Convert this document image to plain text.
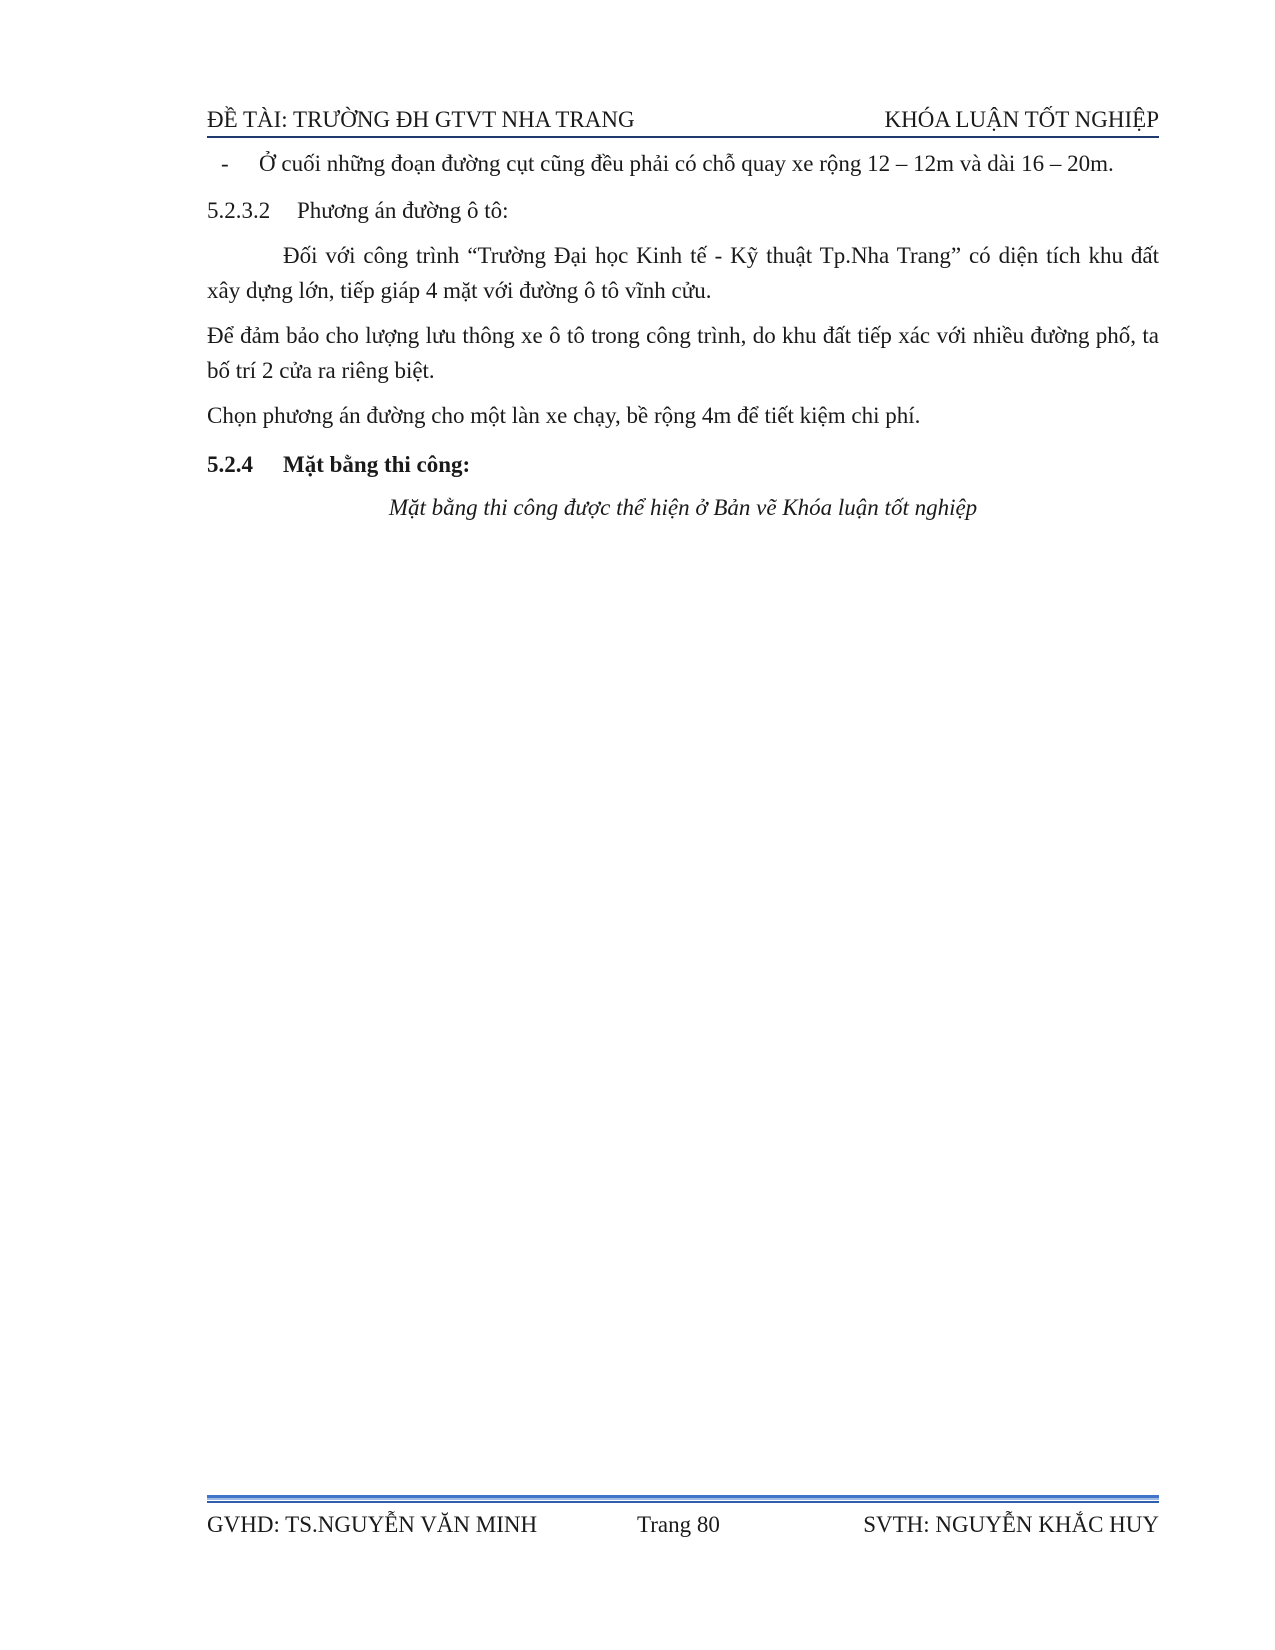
ĐỀ TÀI: TRƯỜNG ĐH GTVT NHA TRANG	KHÓA LUẬN TỐT NGHIỆP

- Ở cuối những đoạn đường cụt cũng đều phải có chỗ quay xe rộng 12 – 12m và dài 16 – 20m.

5.2.3.2 Phương án đường ô tô:

Đối với công trình “Trường Đại học Kinh tế - Kỹ thuật Tp.Nha Trang” có diện tích khu đất xây dựng lớn, tiếp giáp 4 mặt với đường ô tô vĩnh cửu.

Để đảm bảo cho lượng lưu thông xe ô tô trong công trình, do khu đất tiếp xác với nhiều đường phố, ta bố trí 2 cửa ra riêng biệt.

Chọn phương án đường cho một làn xe chạy, bề rộng 4m để tiết kiệm chi phí.

5.2.4 Mặt bằng thi công:

Mặt bằng thi công được thể hiện ở Bản vẽ Khóa luận tốt nghiệp

GVHD: TS.NGUYỄN VĂN MINH	Trang 80	SVTH: NGUYỄN KHẮC HUY
